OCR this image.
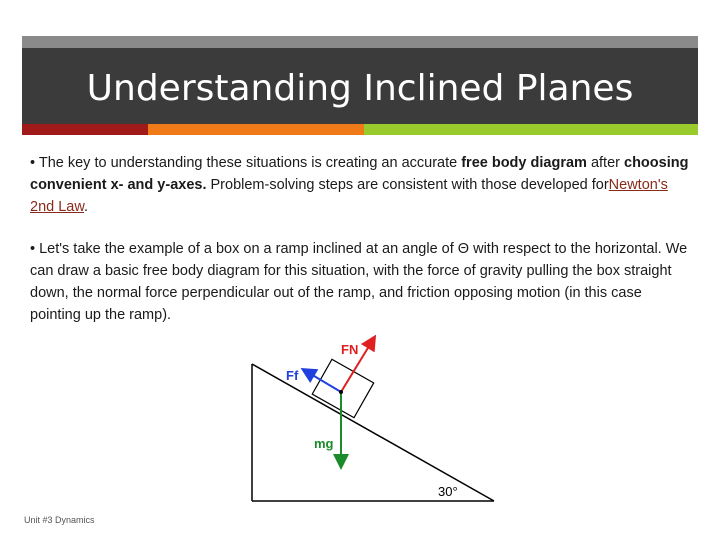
Understanding Inclined Planes
• The key to understanding these situations is creating an accurate free body diagram after choosing convenient x- and y-axes. Problem-solving steps are consistent with those developed forNewton's 2nd Law.
• Let's take the example of a box on a ramp inclined at an angle of Θ with respect to the horizontal. We can draw a basic free body diagram for this situation, with the force of gravity pulling the box straight down, the normal force perpendicular out of the ramp, and friction opposing motion (in this case pointing up the ramp).
FN
Ff
mg
30°
Unit #3 Dynamics
